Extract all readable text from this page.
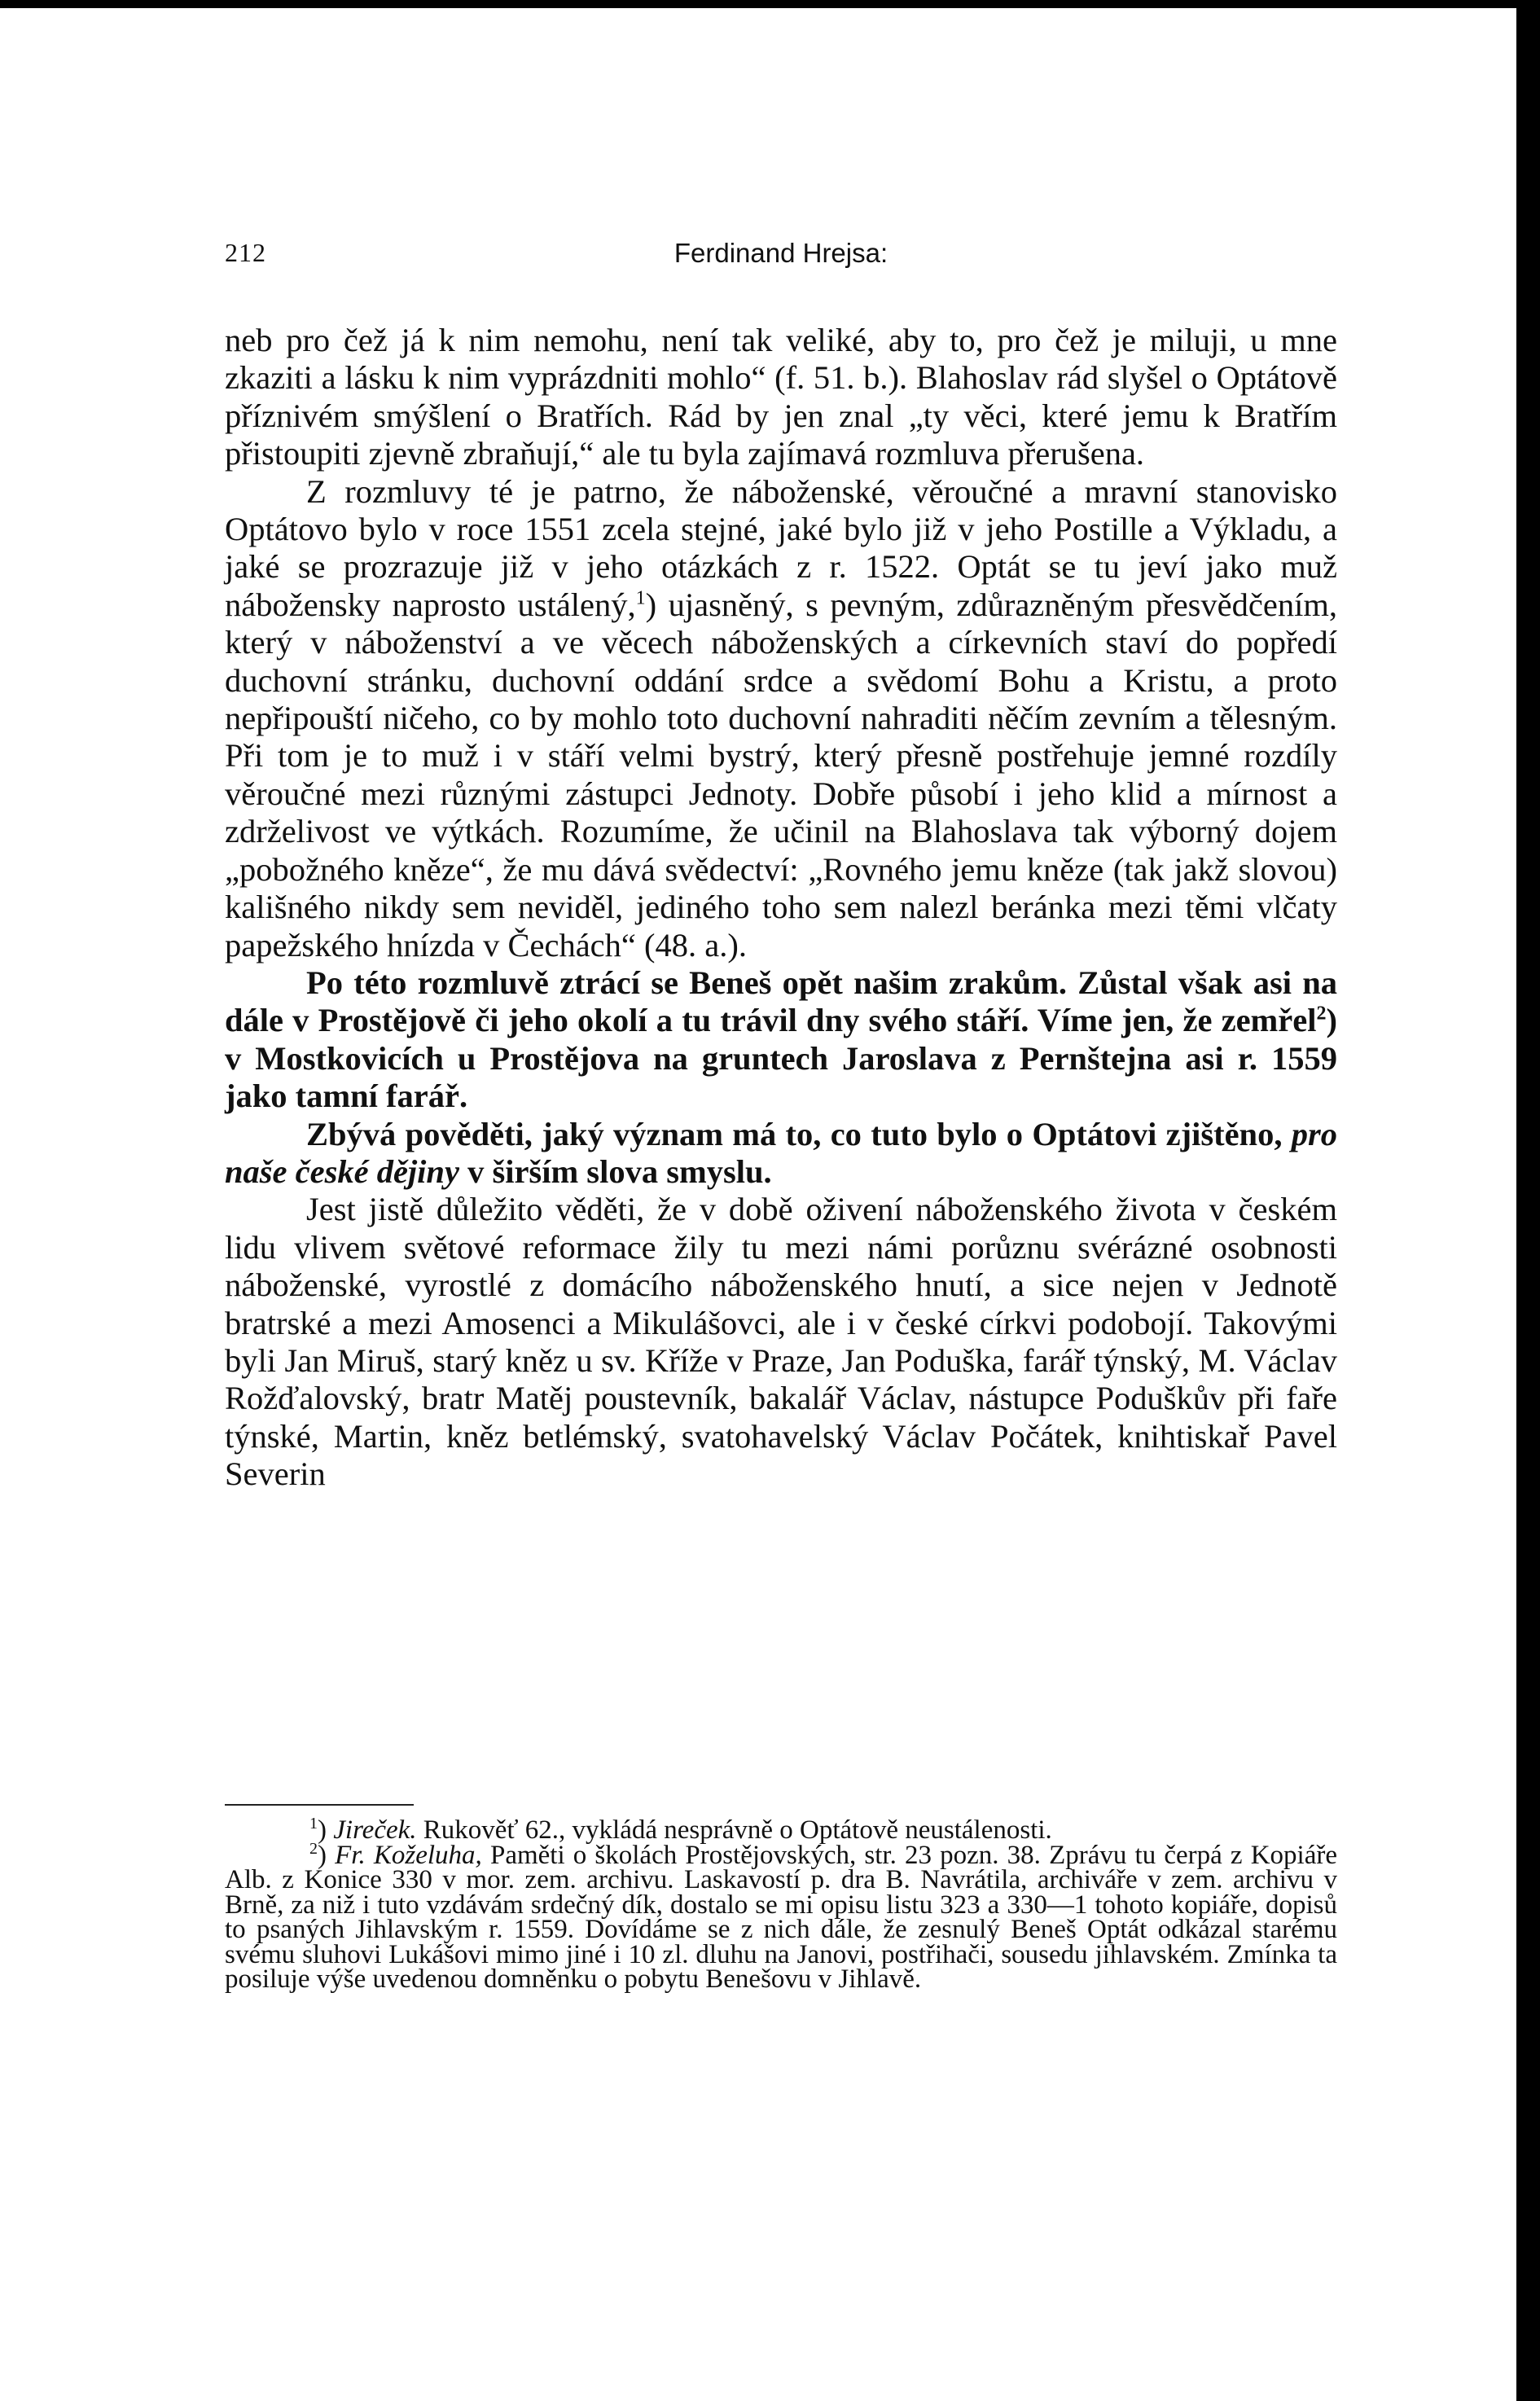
212	Ferdinand Hrejsa:

neb pro čež já k nim nemohu, není tak veliké, aby to, pro čež je miluji, u mne zkaziti a lásku k nim vyprázdniti mohlo“ (f. 51. b.). Blahoslav rád slyšel o Optátově příznivém smýšlení o Bratřích. Rád by jen znal „ty věci, které jemu k Bratřím přistoupiti zjevně zbraňují,“ ale tu byla zajímavá rozmluva přerušena.

Z rozmluvy té je patrno, že náboženské, věroučné a mravní stanovisko Optátovo bylo v roce 1551 zcela stejné, jaké bylo již v jeho Postille a Výkladu, a jaké se prozrazuje již v jeho otázkách z r. 1522. Optát se tu jeví jako muž nábožensky naprosto ustálený,$^1$) ujasněný, s pevným, zdůrazněným přesvědčením, který v náboženství a ve věcech náboženských a církevních staví do popředí duchovní stránku, duchovní oddání srdce a svědomí Bohu a Kristu, a proto nepřipouští ničeho, co by mohlo toto duchovní nahraditi něčím zevním a tělesným. Při tom je to muž i v stáří velmi bystrý, který přesně postřehuje jemné rozdíly věroučné mezi různými zástupci Jednoty. Dobře působí i jeho klid a mírnost a zdrželivost ve výtkách. Rozumíme, že učinil na Blahoslava tak výborný dojem „pobožného kněze“, že mu dává svědectví: „Rovného jemu kněze (tak jakž slovou) kališného nikdy sem neviděl, jediného toho sem nalezl beránka mezi těmi vlčaty papežského hnízda v Čechách“ (48. a.).

Po této rozmluvě ztrácí se Beneš opět našim zrakům. Zůstal však asi na dále v Prostějově či jeho okolí a tu trávil dny svého stáří. Víme jen, že zemřel$^2$) v Mostkovicích u Prostějova na gruntech Jaroslava z Pernštejna asi r. 1559 jako tamní farář.

Zbývá pověděti, jaký význam má to, co tuto bylo o Optátovi zjištěno, pro naše české dějiny v širším slova smyslu.

Jest jistě důležito věděti, že v době oživení náboženského života v českém lidu vlivem světové reformace žily tu mezi námi porůznu svérázné osobnosti náboženské, vyrostlé z domácího náboženského hnutí, a sice nejen v Jednotě bratrské a mezi Amosenci a Mikulášovci, ale i v české církvi podobojí. Takovými byli Jan Miruš, starý kněz u sv. Kříže v Praze, Jan Poduška, farář týnský, M. Václav Rožďalovský, bratr Matěj poustevník, bakalář Václav, nástupce Poduškův při faře týnské, Martin, kněz betlémský, svatohavelský Václav Počátek, knihtiskař Pavel Severin

$^1$) Jireček. Rukověť 62., vykládá nesprávně o Optátově neustálenosti.

$^2$) Fr. Koželuha, Paměti o školách Prostějovských, str. 23 pozn. 38. Zprávu tu čerpá z Kopiáře Alb. z Konice 330 v mor. zem. archivu. Laskavostí p. dra B. Navrátila, archiváře v zem. archivu v Brně, za niž i tuto vzdávám srdečný dík, dostalo se mi opisu listu 323 a 330—1 tohoto kopiáře, dopisů to psaných Jihlavským r. 1559. Dovídáme se z nich dále, že zesnulý Beneš Optát odkázal starému svému sluhovi Lukášovi mimo jiné i 10 zl. dluhu na Janovi, postřihači, sousedu jihlavském. Zmínka ta posiluje výše uvedenou domněnku o pobytu Benešovu v Jihlavě.
